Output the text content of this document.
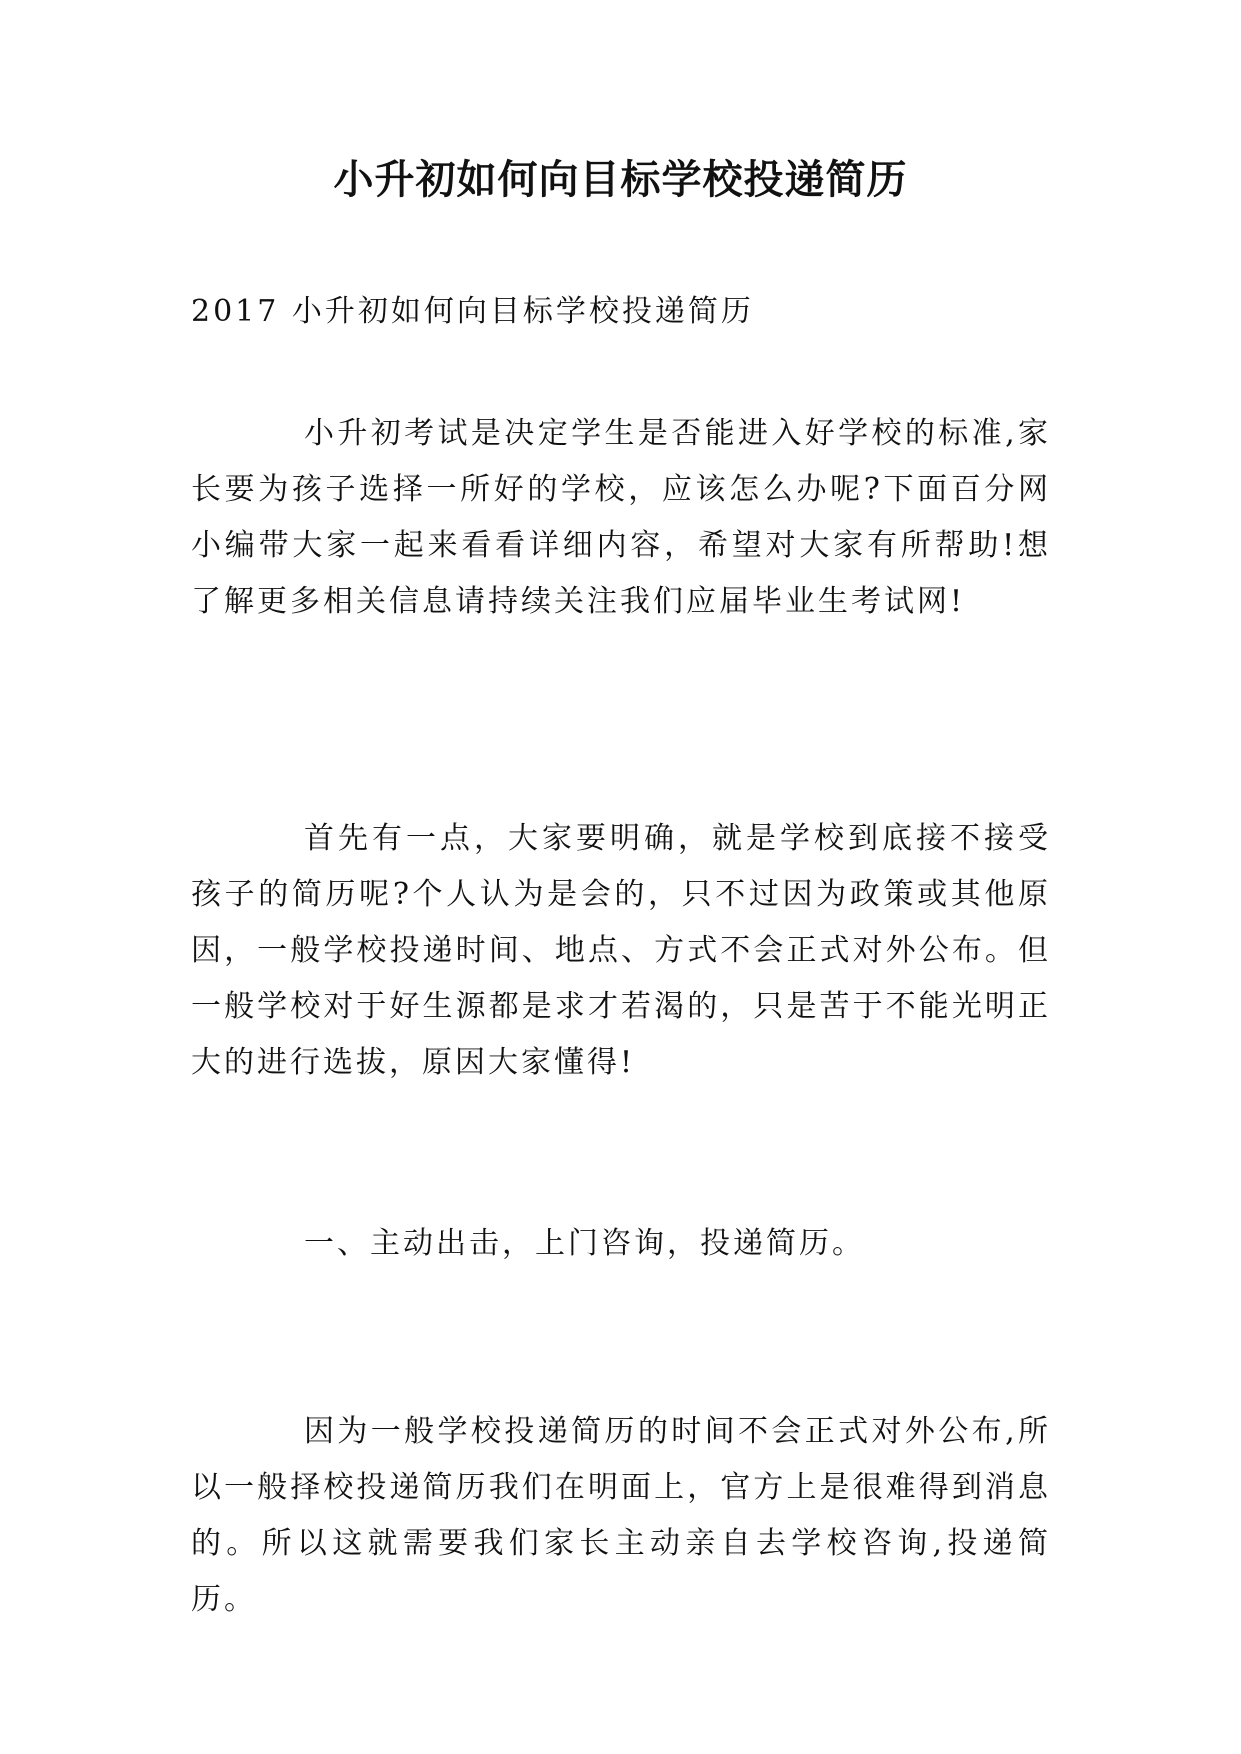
小升初如何向目标学校投递简历

2017 小升初如何向目标学校投递简历

小升初考试是决定学生是否能进入好学校的标准,家长要为孩子选择一所好的学校，应该怎么办呢?下面百分网小编带大家一起来看看详细内容，希望对大家有所帮助!想了解更多相关信息请持续关注我们应届毕业生考试网!

首先有一点，大家要明确，就是学校到底接不接受孩子的简历呢?个人认为是会的，只不过因为政策或其他原因，一般学校投递时间、地点、方式不会正式对外公布。但一般学校对于好生源都是求才若渴的，只是苦于不能光明正大的进行选拔，原因大家懂得!

一、主动出击，上门咨询，投递简历。

因为一般学校投递简历的时间不会正式对外公布,所以一般择校投递简历我们在明面上，官方上是很难得到消息的。所以这就需要我们家长主动亲自去学校咨询,投递简历。
